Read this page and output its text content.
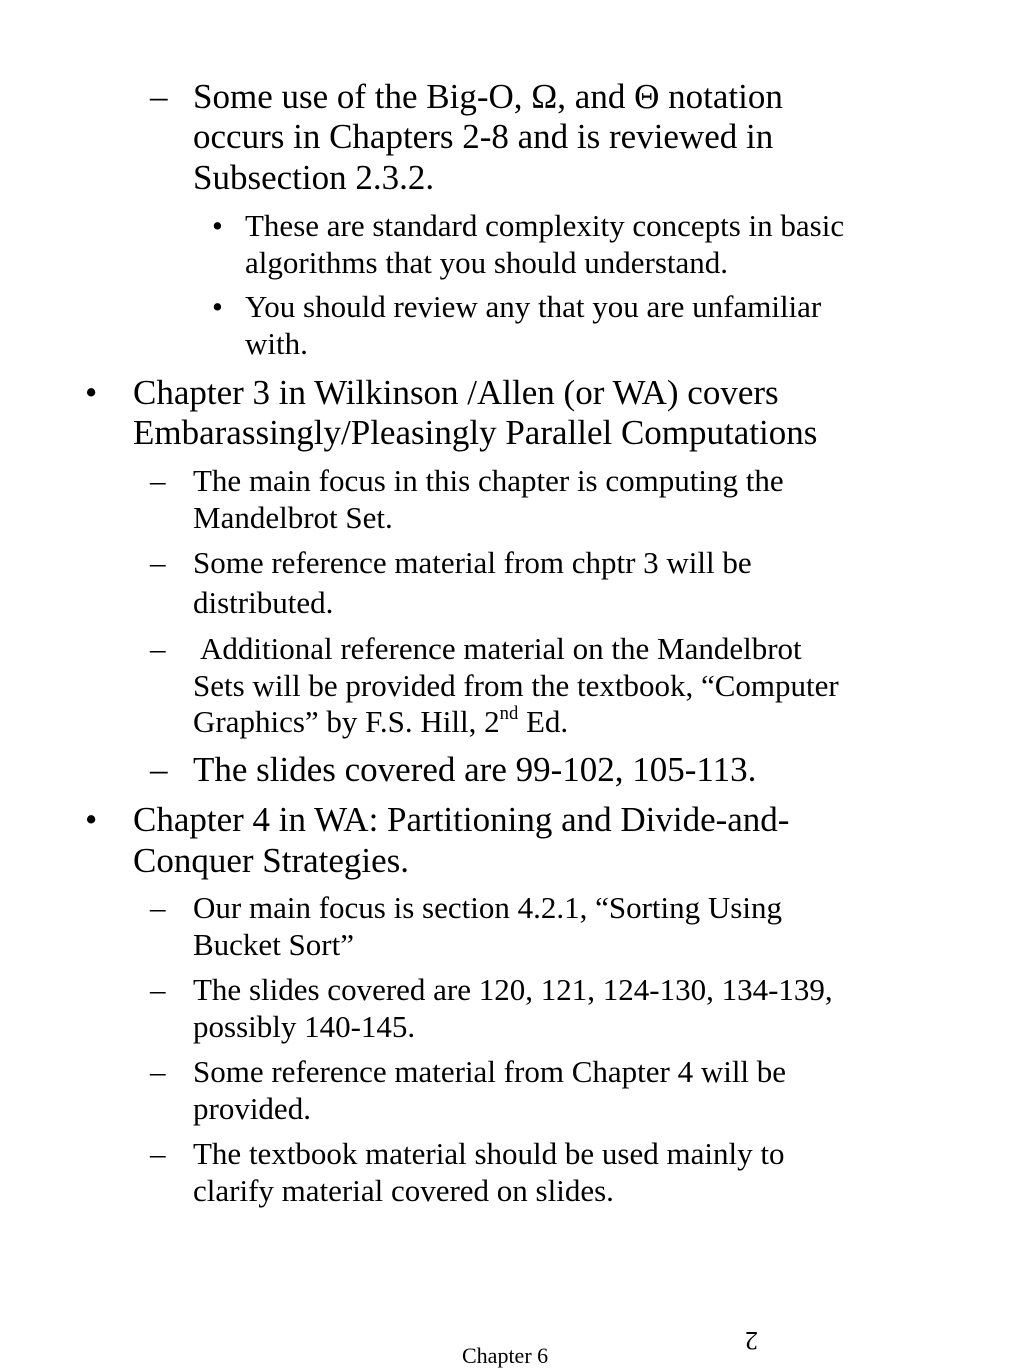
– Some use of the Big-O, Ω, and Θ notation
occurs in Chapters 2-8 and is reviewed in
Subsection 2.3.2.
• These are standard complexity concepts in basic
algorithms that you should understand.
• You should review any that you are unfamiliar
with.
• Chapter 3 in Wilkinson /Allen (or WA) covers
Embarassingly/Pleasingly Parallel Computations
– The main focus in this chapter is computing the
Mandelbrot Set.
– Some reference material from chptr 3 will be
distributed.
– Additional reference material on the Mandelbrot
Sets will be provided from the textbook, “Computer
Graphics” by F.S. Hill, 2nd Ed.
– The slides covered are 99-102, 105-113.
• Chapter 4 in WA: Partitioning and Divide-and-
Conquer Strategies.
– Our main focus is section 4.2.1, “Sorting Using
Bucket Sort”
– The slides covered are 120, 121, 124-130, 134-139,
possibly 140-145.
– Some reference material from Chapter 4 will be
provided.
– The textbook material should be used mainly to
clarify material covered on slides.
Chapter 6
2
